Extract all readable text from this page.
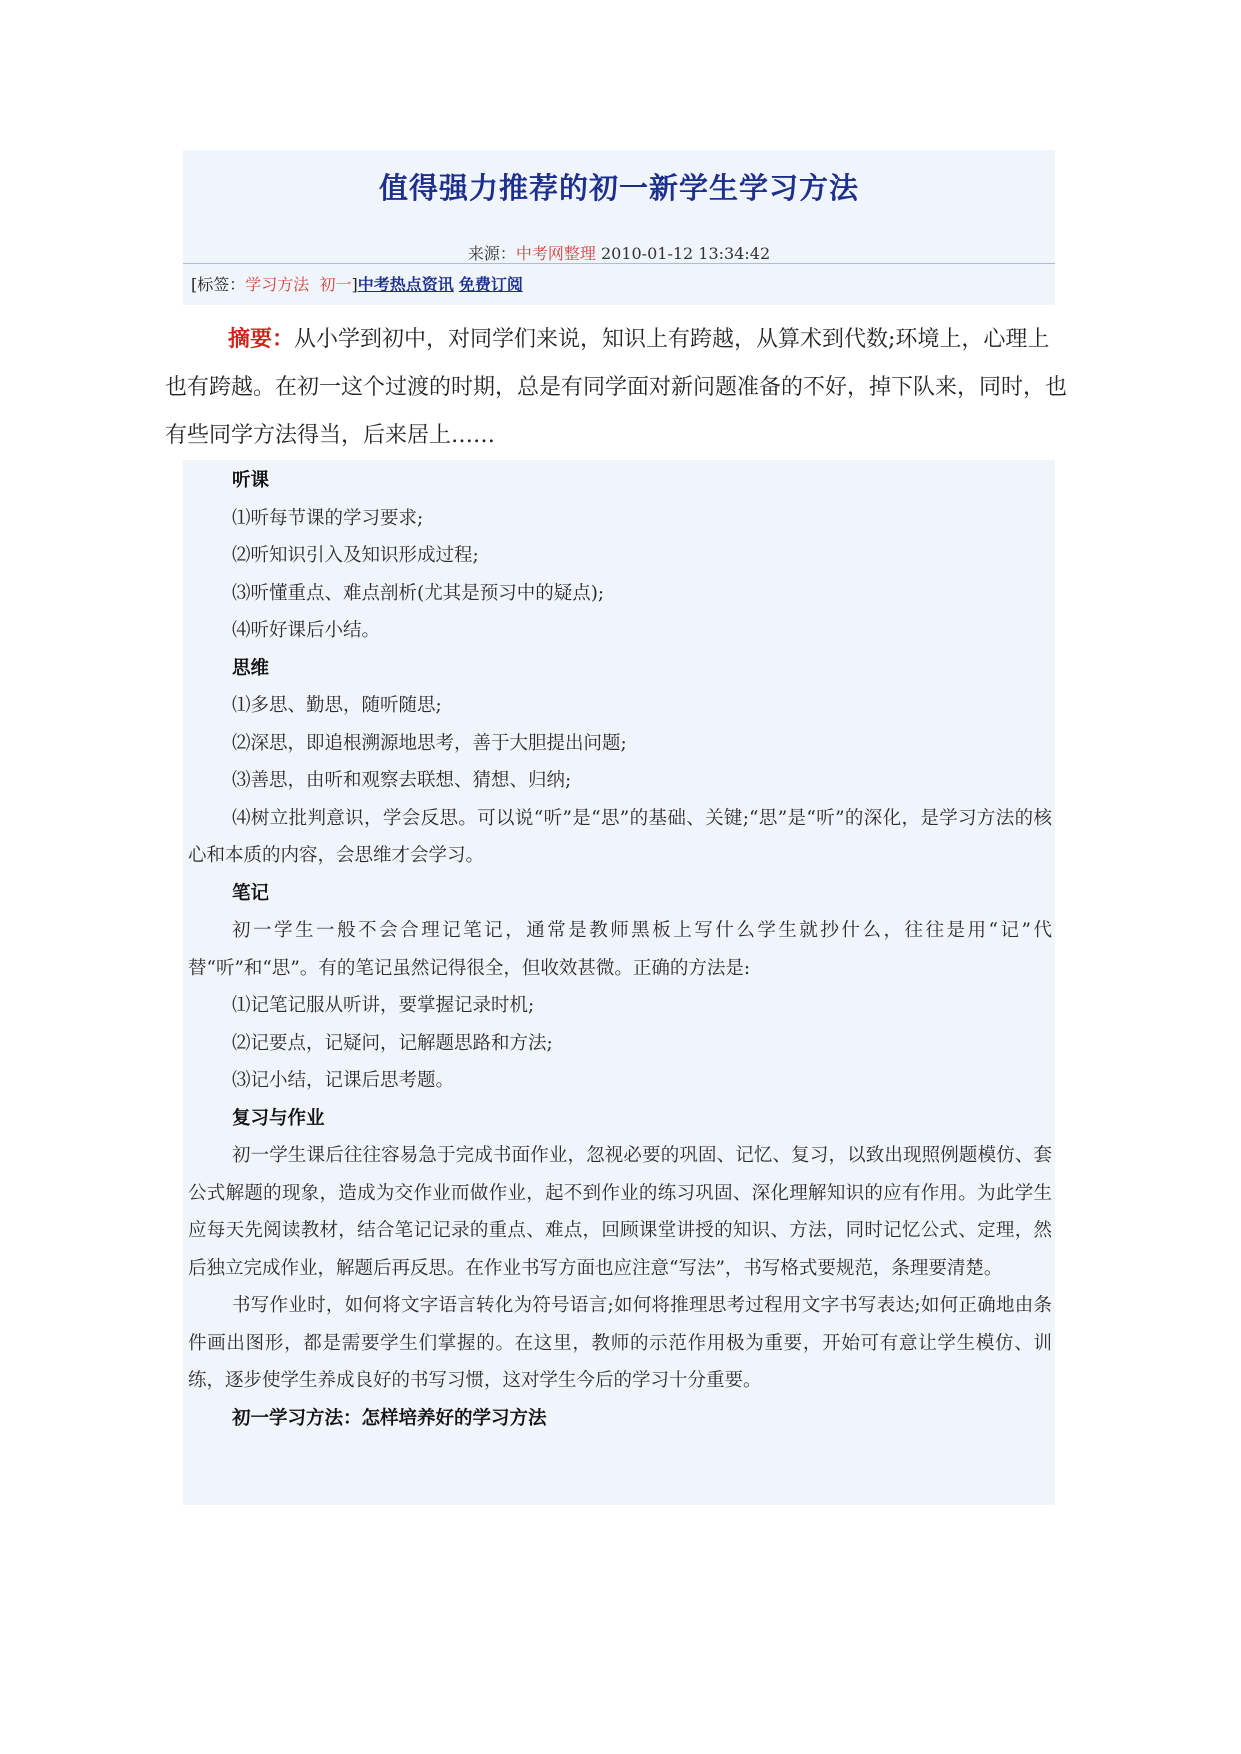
值得强力推荐的初一新学生学习方法
来源：中考网整理 2010-01-12 13:34:42
[标签：学习方法 初一]中考热点资讯 免费订阅
摘要：从小学到初中，对同学们来说，知识上有跨越，从算术到代数;环境上，心理上也有跨越。在初一这个过渡的时期，总是有同学面对新问题准备的不好，掉下队来，同时，也有些同学方法得当，后来居上……

听课

⑴听每节课的学习要求;

⑵听知识引入及知识形成过程;

⑶听懂重点、难点剖析(尤其是预习中的疑点);

⑷听好课后小结。

思维

⑴多思、勤思，随听随思;

⑵深思，即追根溯源地思考，善于大胆提出问题;

⑶善思，由听和观察去联想、猜想、归纳;

⑷树立批判意识，学会反思。可以说“听”是“思”的基础、关键;“思”是“听”的深化，是学习方法的核心和本质的内容，会思维才会学习。

笔记

初一学生一般不会合理记笔记，通常是教师黑板上写什么学生就抄什么，往往是用“记”代替“听”和“思”。有的笔记虽然记得很全，但收效甚微。正确的方法是:

⑴记笔记服从听讲，要掌握记录时机;

⑵记要点，记疑问，记解题思路和方法;

⑶记小结，记课后思考题。

复习与作业

初一学生课后往往容易急于完成书面作业，忽视必要的巩固、记忆、复习，以致出现照例题模仿、套公式解题的现象，造成为交作业而做作业，起不到作业的练习巩固、深化理解知识的应有作用。为此学生应每天先阅读教材，结合笔记记录的重点、难点，回顾课堂讲授的知识、方法，同时记忆公式、定理，然后独立完成作业，解题后再反思。在作业书写方面也应注意“写法”，书写格式要规范，条理要清楚。

书写作业时，如何将文字语言转化为符号语言;如何将推理思考过程用文字书写表达;如何正确地由条件画出图形，都是需要学生们掌握的。在这里，教师的示范作用极为重要，开始可有意让学生模仿、训练，逐步使学生养成良好的书写习惯，这对学生今后的学习十分重要。

初一学习方法：怎样培养好的学习方法
